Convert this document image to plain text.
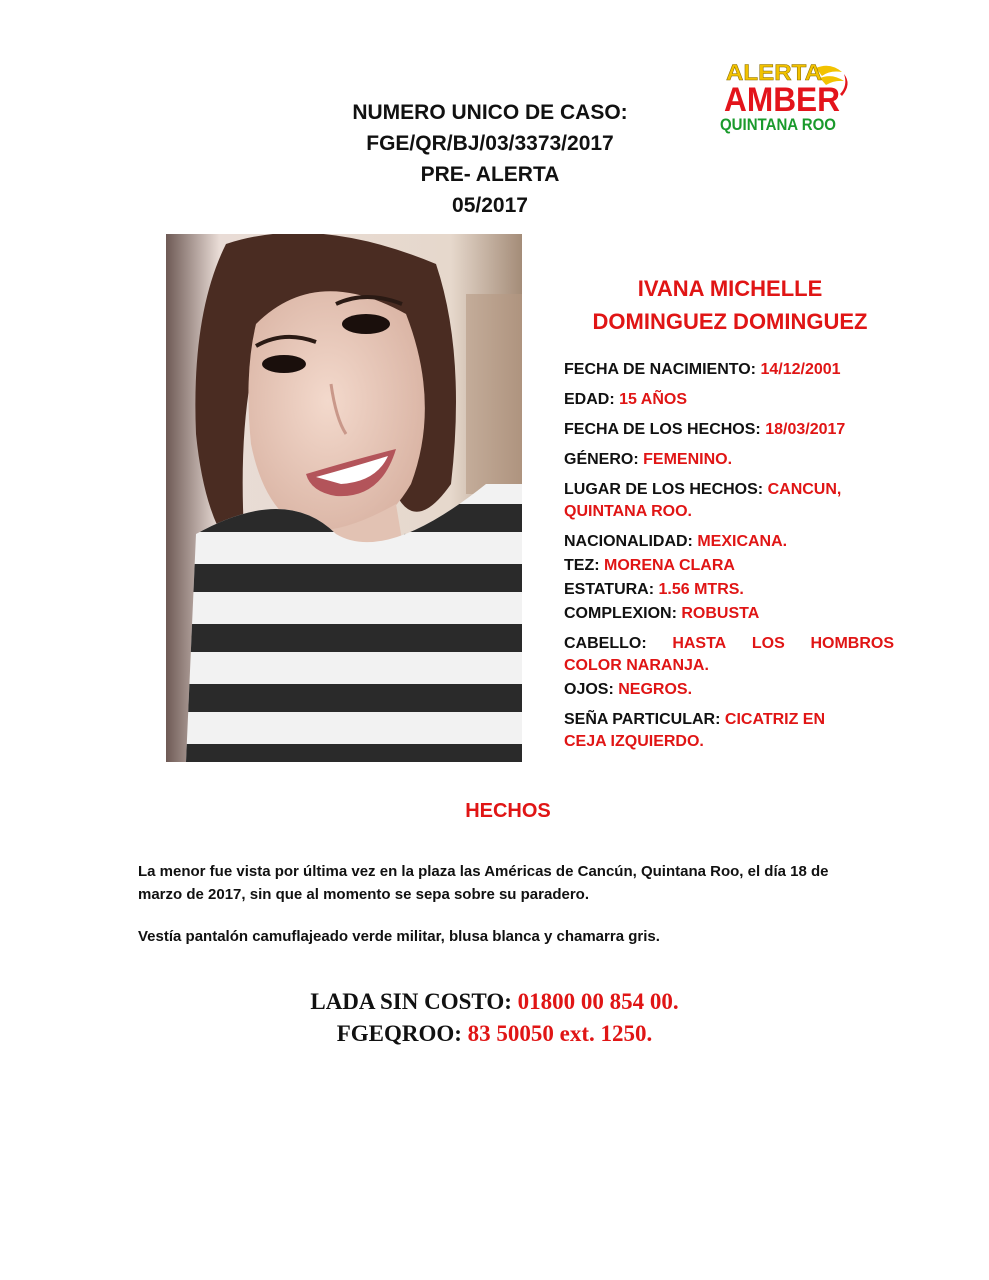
NUMERO UNICO DE CASO:
FGE/QR/BJ/03/3373/2017
PRE- ALERTA
05/2017
ALERTA
AMBER
QUINTANA ROO
IVANA MICHELLE
DOMINGUEZ DOMINGUEZ
FECHA DE NACIMIENTO: 14/12/2001
EDAD: 15 AÑOS
FECHA DE LOS HECHOS: 18/03/2017
GÉNERO: FEMENINO.
LUGAR DE LOS HECHOS: CANCUN,
QUINTANA ROO.
NACIONALIDAD: MEXICANA.
TEZ: MORENA CLARA
ESTATURA: 1.56 MTRS.
COMPLEXION: ROBUSTA
CABELLO: HASTA LOS HOMBROS
COLOR NARANJA.
OJOS: NEGROS.
SEÑA PARTICULAR: CICATRIZ EN
CEJA IZQUIERDO.
HECHOS

La menor fue vista por última vez en la plaza las Américas de Cancún, Quintana Roo, el día 18 de marzo de 2017, sin que al momento se sepa sobre su paradero.

Vestía pantalón camuflajeado verde militar, blusa blanca y chamarra gris.

LADA SIN COSTO: 01800 00 854 00.
FGEQROO: 83 50050 ext. 1250.
